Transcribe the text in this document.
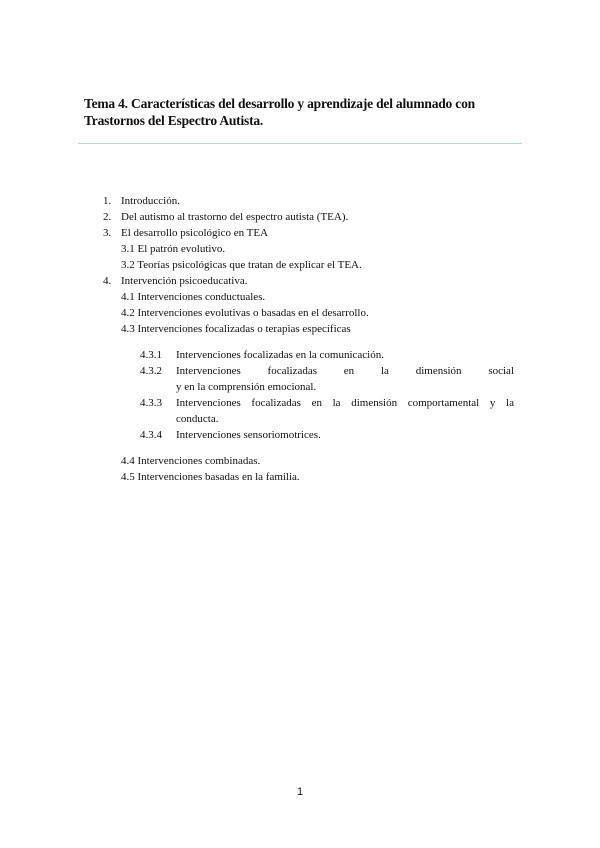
Tema 4. Características del desarrollo y aprendizaje del alumnado con Trastornos del Espectro Autista.
1. Introducción.
2. Del autismo al trastorno del espectro autista (TEA).
3. El desarrollo psicológico en TEA
3.1 El patrón evolutivo.
3.2 Teorías psicológicas que tratan de explicar el TEA.
4. Intervención psicoeducativa.
4.1 Intervenciones conductuales.
4.2 Intervenciones evolutivas o basadas en el desarrollo.
4.3 Intervenciones focalizadas o terapias específicas
4.3.1 Intervenciones focalizadas en la comunicación.
4.3.2 Intervenciones focalizadas en la dimensión social
y en la comprensión emocional.
4.3.3 Intervenciones focalizadas en la dimensión comportamental y la
conducta.
4.3.4 Intervenciones sensoriomotrices.
4.4 Intervenciones combinadas.
4.5 Intervenciones basadas en la familia.
1
